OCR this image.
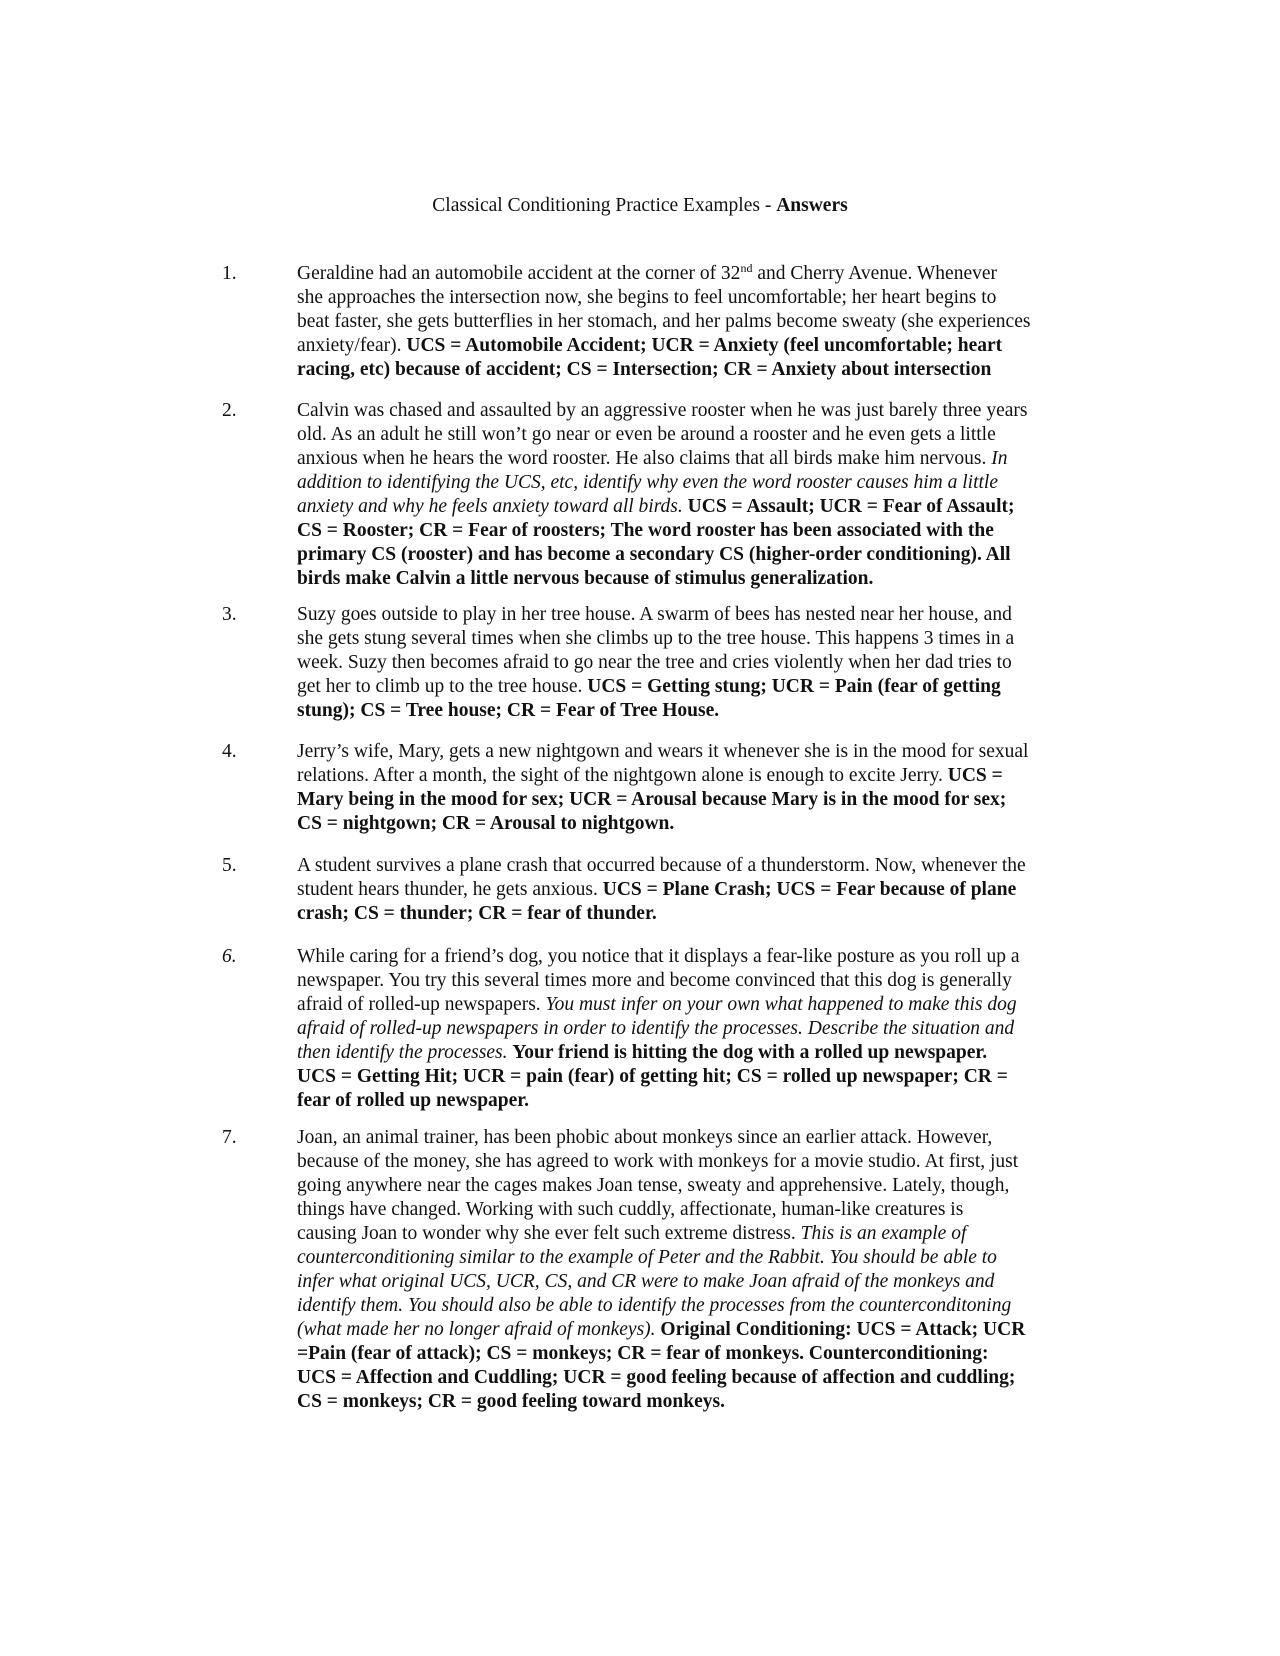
Classical Conditioning Practice Examples - Answers
1.	Geraldine had an automobile accident at the corner of 32nd and Cherry Avenue. Whenever
she approaches the intersection now, she begins to feel uncomfortable; her heart begins to
beat faster, she gets butterflies in her stomach, and her palms become sweaty (she experiences
anxiety/fear). UCS = Automobile Accident; UCR = Anxiety (feel uncomfortable; heart
racing, etc) because of accident; CS = Intersection; CR = Anxiety about intersection
2.	Calvin was chased and assaulted by an aggressive rooster when he was just barely three years
old. As an adult he still won’t go near or even be around a rooster and he even gets a little
anxious when he hears the word rooster. He also claims that all birds make him nervous. In
addition to identifying the UCS, etc, identify why even the word rooster causes him a little
anxiety and why he feels anxiety toward all birds. UCS = Assault; UCR = Fear of Assault;
CS = Rooster; CR = Fear of roosters; The word rooster has been associated with the
primary CS (rooster) and has become a secondary CS (higher-order conditioning). All
birds make Calvin a little nervous because of stimulus generalization.
3.	Suzy goes outside to play in her tree house. A swarm of bees has nested near her house, and
she gets stung several times when she climbs up to the tree house. This happens 3 times in a
week. Suzy then becomes afraid to go near the tree and cries violently when her dad tries to
get her to climb up to the tree house. UCS = Getting stung; UCR = Pain (fear of getting
stung); CS = Tree house; CR = Fear of Tree House.
4.	Jerry’s wife, Mary, gets a new nightgown and wears it whenever she is in the mood for sexual
relations. After a month, the sight of the nightgown alone is enough to excite Jerry. UCS =
Mary being in the mood for sex; UCR = Arousal because Mary is in the mood for sex;
CS = nightgown; CR = Arousal to nightgown.
5.	A student survives a plane crash that occurred because of a thunderstorm. Now, whenever the
student hears thunder, he gets anxious. UCS = Plane Crash; UCS = Fear because of plane
crash; CS = thunder; CR = fear of thunder.
6.	While caring for a friend’s dog, you notice that it displays a fear-like posture as you roll up a
newspaper. You try this several times more and become convinced that this dog is generally
afraid of rolled-up newspapers. You must infer on your own what happened to make this dog
afraid of rolled-up newspapers in order to identify the processes. Describe the situation and
then identify the processes. Your friend is hitting the dog with a rolled up newspaper.
UCS = Getting Hit; UCR = pain (fear) of getting hit; CS = rolled up newspaper; CR =
fear of rolled up newspaper.
7.	Joan, an animal trainer, has been phobic about monkeys since an earlier attack. However,
because of the money, she has agreed to work with monkeys for a movie studio. At first, just
going anywhere near the cages makes Joan tense, sweaty and apprehensive. Lately, though,
things have changed. Working with such cuddly, affectionate, human-like creatures is
causing Joan to wonder why she ever felt such extreme distress. This is an example of
counterconditioning similar to the example of Peter and the Rabbit. You should be able to
infer what original UCS, UCR, CS, and CR were to make Joan afraid of the monkeys and
identify them. You should also be able to identify the processes from the counterconditoning
(what made her no longer afraid of monkeys). Original Conditioning: UCS = Attack; UCR
=Pain (fear of attack); CS = monkeys; CR = fear of monkeys. Counterconditioning:
UCS = Affection and Cuddling; UCR = good feeling because of affection and cuddling;
CS = monkeys; CR = good feeling toward monkeys.
